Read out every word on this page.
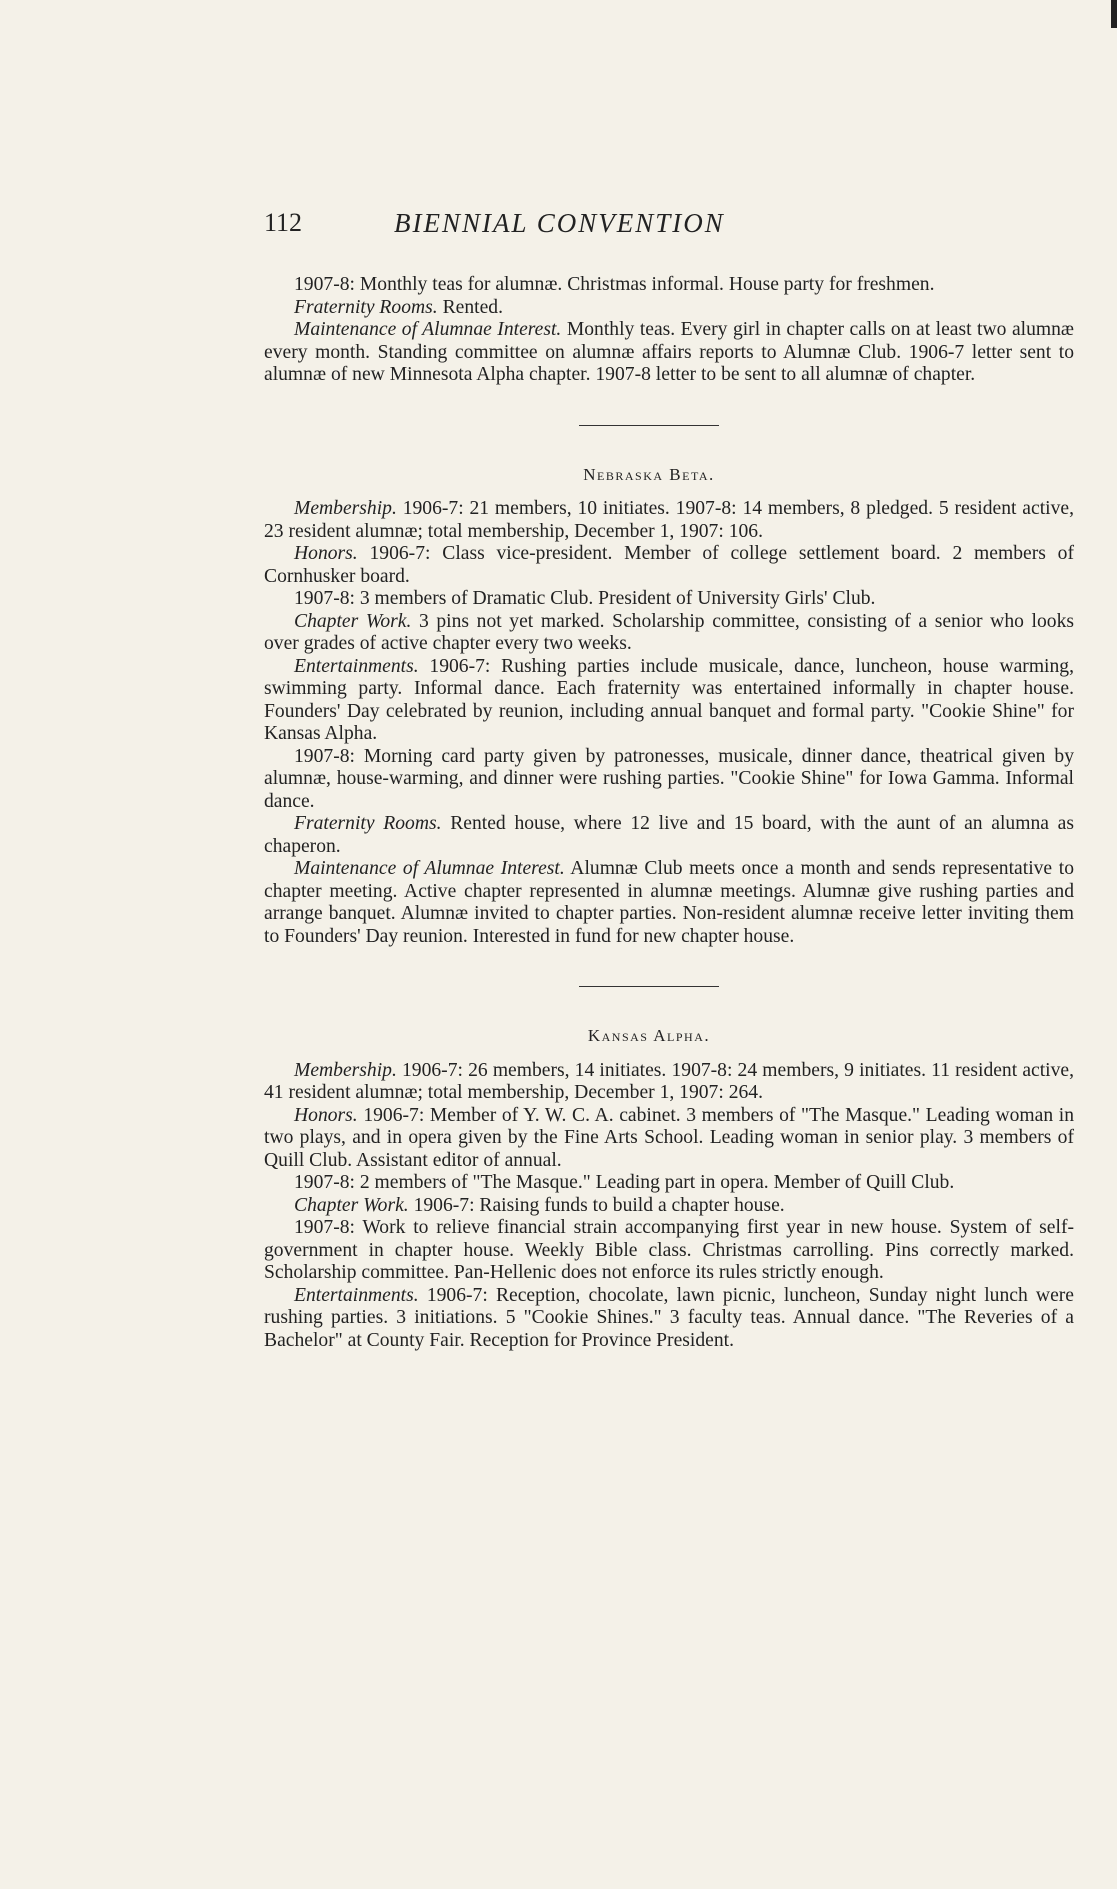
112	BIENNIAL CONVENTION

1907-8: Monthly teas for alumnæ. Christmas informal. House party for freshmen.

Fraternity Rooms. Rented.

Maintenance of Alumnae Interest. Monthly teas. Every girl in chapter calls on at least two alumnæ every month. Standing committee on alumnæ affairs reports to Alumnæ Club. 1906-7 letter sent to alumnæ of new Minnesota Alpha chapter. 1907-8 letter to be sent to all alumnæ of chapter.

Nebraska Beta.

Membership. 1906-7: 21 members, 10 initiates. 1907-8: 14 members, 8 pledged. 5 resident active, 23 resident alumnæ; total membership, December 1, 1907: 106.

Honors. 1906-7: Class vice-president. Member of college settlement board. 2 members of Cornhusker board.

1907-8: 3 members of Dramatic Club. President of University Girls' Club.

Chapter Work. 3 pins not yet marked. Scholarship committee, consisting of a senior who looks over grades of active chapter every two weeks.

Entertainments. 1906-7: Rushing parties include musicale, dance, luncheon, house warming, swimming party. Informal dance. Each fraternity was entertained informally in chapter house. Founders' Day celebrated by reunion, including annual banquet and formal party. "Cookie Shine" for Kansas Alpha.

1907-8: Morning card party given by patronesses, musicale, dinner dance, theatrical given by alumnæ, house-warming, and dinner were rushing parties. "Cookie Shine" for Iowa Gamma. Informal dance.

Fraternity Rooms. Rented house, where 12 live and 15 board, with the aunt of an alumna as chaperon.

Maintenance of Alumnae Interest. Alumnæ Club meets once a month and sends representative to chapter meeting. Active chapter represented in alumnæ meetings. Alumnæ give rushing parties and arrange banquet. Alumnæ invited to chapter parties. Non-resident alumnæ receive letter inviting them to Founders' Day reunion. Interested in fund for new chapter house.

Kansas Alpha.

Membership. 1906-7: 26 members, 14 initiates. 1907-8: 24 members, 9 initiates. 11 resident active, 41 resident alumnæ; total membership, December 1, 1907: 264.

Honors. 1906-7: Member of Y. W. C. A. cabinet. 3 members of "The Masque." Leading woman in two plays, and in opera given by the Fine Arts School. Leading woman in senior play. 3 members of Quill Club. Assistant editor of annual.

1907-8: 2 members of "The Masque." Leading part in opera. Member of Quill Club.

Chapter Work. 1906-7: Raising funds to build a chapter house.

1907-8: Work to relieve financial strain accompanying first year in new house. System of self-government in chapter house. Weekly Bible class. Christmas carrolling. Pins correctly marked. Scholarship committee. Pan-Hellenic does not enforce its rules strictly enough.

Entertainments. 1906-7: Reception, chocolate, lawn picnic, luncheon, Sunday night lunch were rushing parties. 3 initiations. 5 "Cookie Shines." 3 faculty teas. Annual dance. "The Reveries of a Bachelor" at County Fair. Reception for Province President.
